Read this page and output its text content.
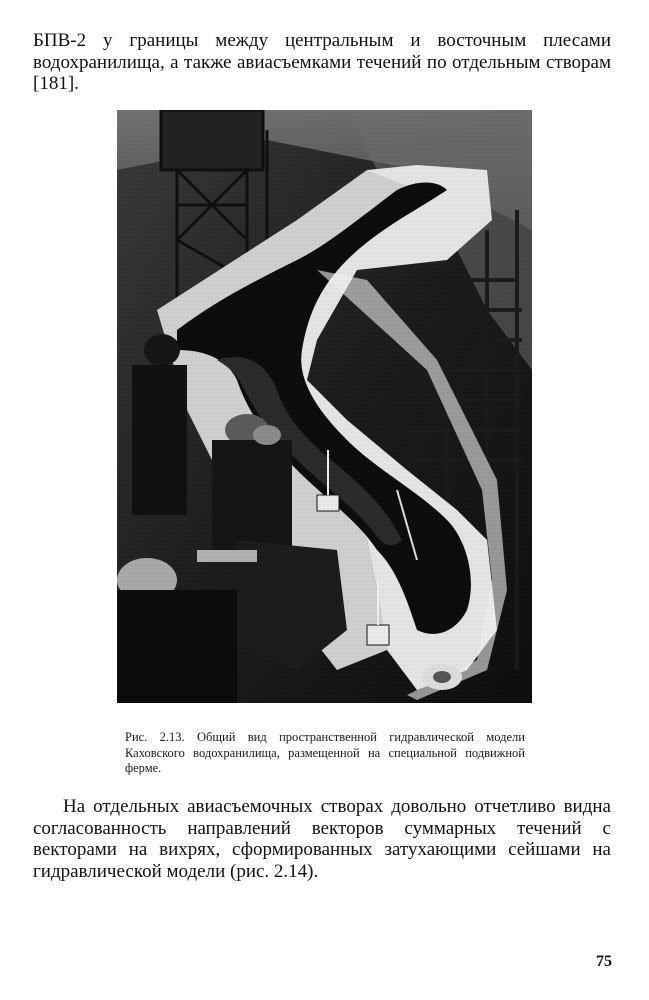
БПВ-2 у границы между центральным и восточным плесами водохранилища, а также авиасъемками течений по отдельным створам [181].

Рис. 2.13. Общий вид пространственной гидравлической модели Каховского водохранилища, размещенной на специальной подвижной ферме.

На отдельных авиасъемочных створах довольно отчетливо видна согласованность направлений векторов суммарных течений с векторами на вихрях, сформированных затухающими сейшами на гидравлической модели (рис. 2.14).

75
